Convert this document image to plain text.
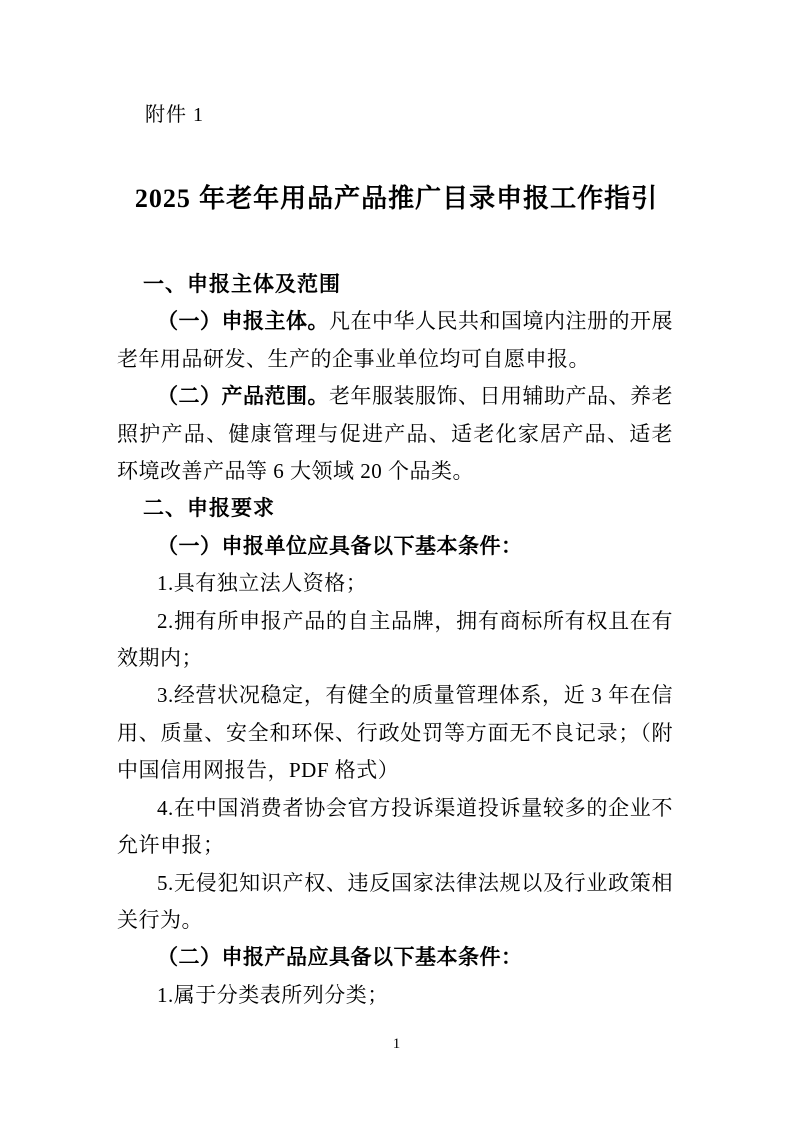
附件 1
2025 年老年用品产品推广目录申报工作指引
一、申报主体及范围

（一）申报主体。凡在中华人民共和国境内注册的开展老年用品研发、生产的企事业单位均可自愿申报。

（二）产品范围。老年服装服饰、日用辅助产品、养老照护产品、健康管理与促进产品、适老化家居产品、适老环境改善产品等 6 大领域 20 个品类。

二、申报要求

（一）申报单位应具备以下基本条件：

1.具有独立法人资格；

2.拥有所申报产品的自主品牌，拥有商标所有权且在有效期内；

3.经营状况稳定，有健全的质量管理体系，近 3 年在信用、质量、安全和环保、行政处罚等方面无不良记录；（附中国信用网报告，PDF 格式）

4.在中国消费者协会官方投诉渠道投诉量较多的企业不允许申报；

5.无侵犯知识产权、违反国家法律法规以及行业政策相关行为。

（二）申报产品应具备以下基本条件：

1.属于分类表所列分类；

1
